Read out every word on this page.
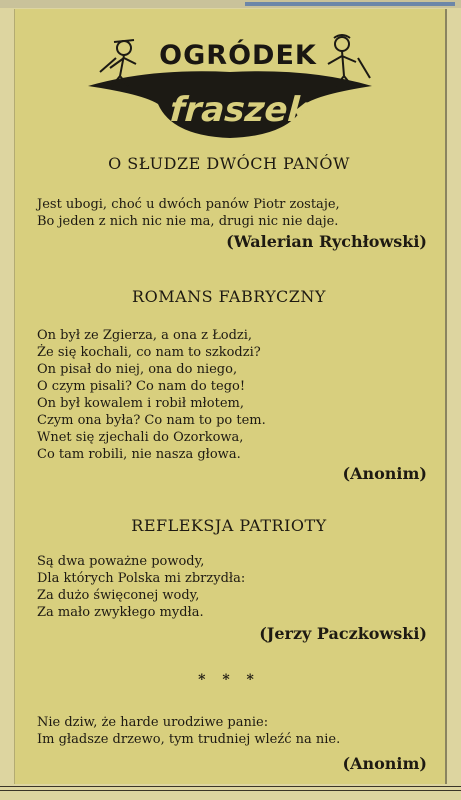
OGRÓDEK
fraszek
O SŁUDZE DWÓCH PANÓW
Jest ubogi, choć u dwóch panów Piotr zostaje,
Bo jeden z nich nic nie ma, drugi nic nie daje.
(Walerian Rychłowski)
ROMANS FABRYCZNY
On był ze Zgierza, a ona z Łodzi,
Że się kochali, co nam to szkodzi?
On pisał do niej, ona do niego,
O czym pisali? Co nam do tego!
On był kowalem i robił młotem,
Czym ona była? Co nam to po tem.
Wnet się zjechali do Ozorkowa,
Co tam robili, nie nasza głowa.
(Anonim)
REFLEKSJA PATRIOTY
Są dwa poważne powody,
Dla których Polska mi zbrzydła:
Za dużo święconej wody,
Za mało zwykłego mydła.
(Jerzy Paczkowski)
* * *
Nie dziw, że harde urodziwe panie:
Im gładsze drzewo, tym trudniej wleźć na nie.
(Anonim)
